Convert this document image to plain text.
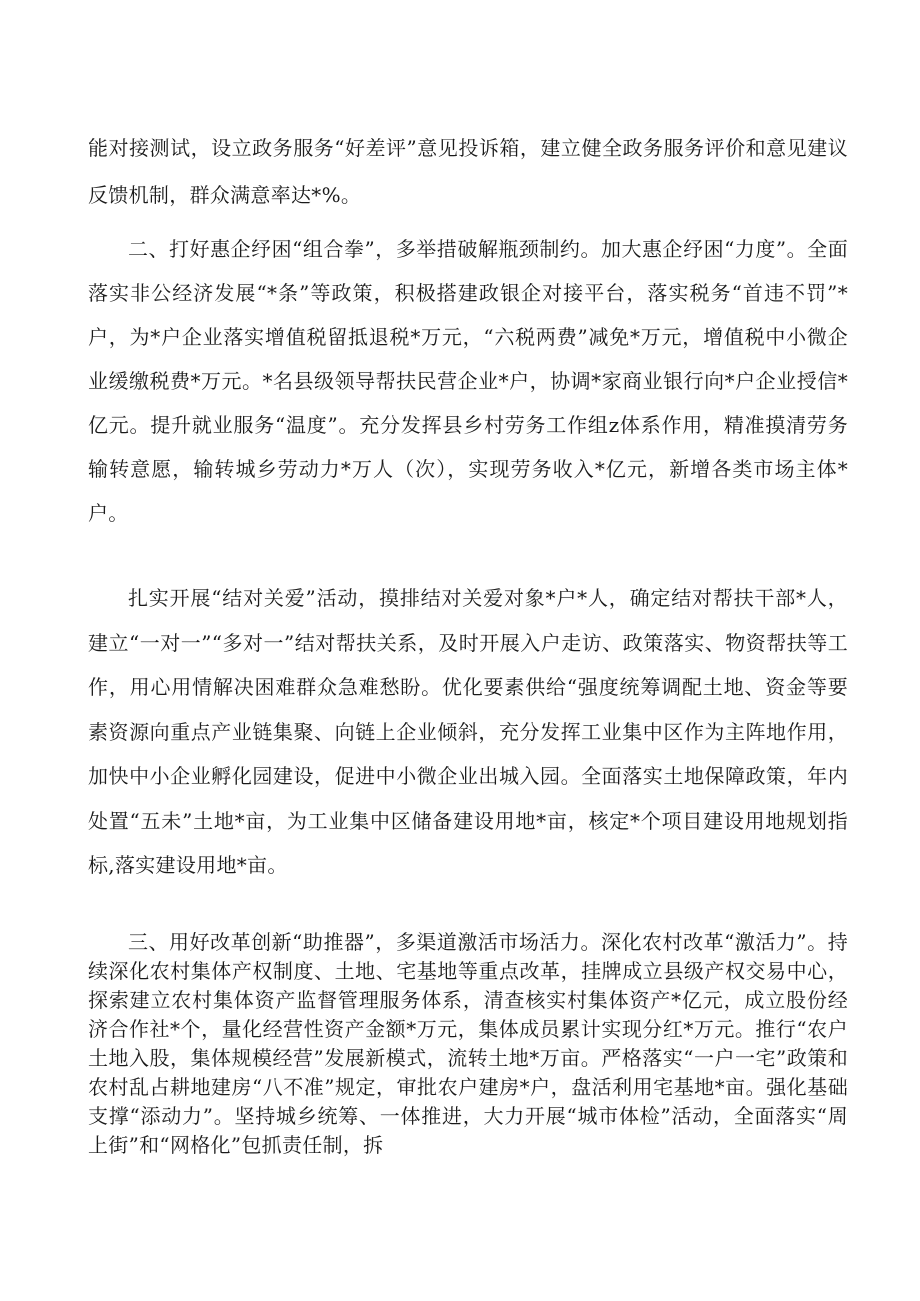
能对接测试，设立政务服务“好差评”意见投诉箱，建立健全政务服务评价和意见建议反馈机制，群众满意率达*%。

二、打好惠企纾困“组合拳”，多举措破解瓶颈制约。加大惠企纾困“力度”。全面落实非公经济发展“*条”等政策，积极搭建政银企对接平台，落实税务“首违不罚”*户，为*户企业落实增值税留抵退税*万元，“六税两费”减免*万元，增值税中小微企业缓缴税费*万元。*名县级领导帮扶民营企业*户，协调*家商业银行向*户企业授信*亿元。提升就业服务“温度”。充分发挥县乡村劳务工作组z体系作用，精准摸清劳务输转意愿，输转城乡劳动力*万人（次），实现劳务收入*亿元，新增各类市场主体*户。

扎实开展“结对关爱”活动，摸排结对关爱对象*户*人，确定结对帮扶干部*人，建立“一对一”“多对一”结对帮扶关系，及时开展入户走访、政策落实、物资帮扶等工作，用心用情解决困难群众急难愁盼。优化要素供给“强度统筹调配土地、资金等要素资源向重点产业链集聚、向链上企业倾斜，充分发挥工业集中区作为主阵地作用，加快中小企业孵化园建设，促进中小微企业出城入园。全面落实土地保障政策，年内处置“五未”土地*亩，为工业集中区储备建设用地*亩，核定*个项目建设用地规划指标,落实建设用地*亩。

三、用好改革创新“助推器”，多渠道激活市场活力。深化农村改革“激活力”。持续深化农村集体产权制度、土地、宅基地等重点改革，挂牌成立县级产权交易中心，探索建立农村集体资产监督管理服务体系，清查核实村集体资产*亿元，成立股份经济合作社*个，量化经营性资产金额*万元，集体成员累计实现分红*万元。推行“农户土地入股，集体规模经营”发展新模式，流转土地*万亩。严格落实“一户一宅”政策和农村乱占耕地建房“八不准”规定，审批农户建房*户，盘活利用宅基地*亩。强化基础支撑“添动力”。坚持城乡统筹、一体推进，大力开展“城市体检”活动，全面落实“周上街”和“网格化”包抓责任制，拆
